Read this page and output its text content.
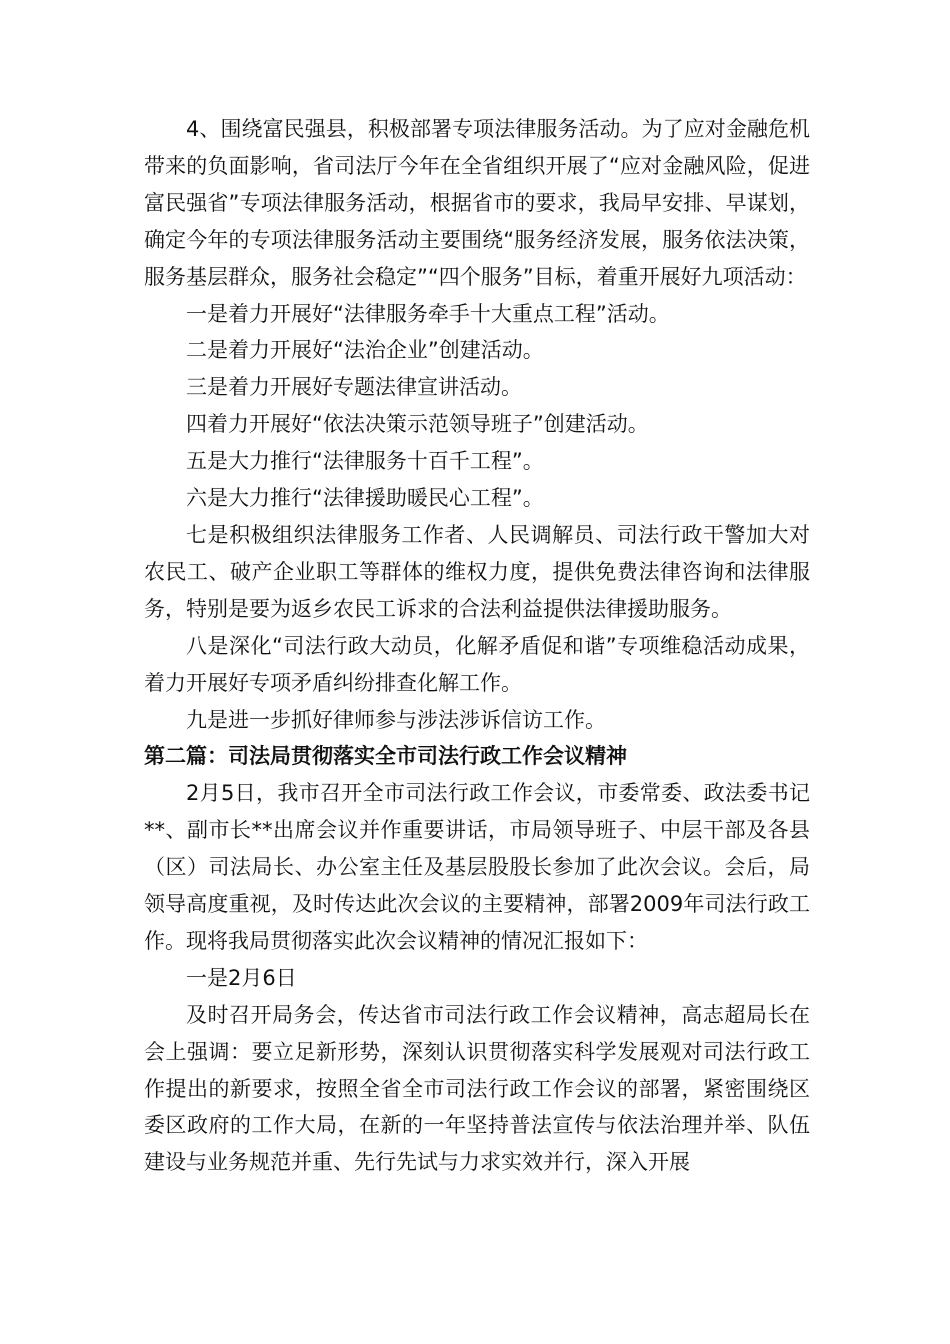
4、围绕富民强县，积极部署专项法律服务活动。为了应对金融危机带来的负面影响，省司法厅今年在全省组织开展了“应对金融风险，促进富民强省”专项法律服务活动，根据省市的要求，我局早安排、早谋划，确定今年的专项法律服务活动主要围绕“服务经济发展，服务依法决策，服务基层群众，服务社会稳定”“四个服务”目标，着重开展好九项活动：

一是着力开展好“法律服务牵手十大重点工程”活动。

二是着力开展好“法治企业”创建活动。

三是着力开展好专题法律宣讲活动。

四着力开展好“依法决策示范领导班子”创建活动。

五是大力推行“法律服务十百千工程”。

六是大力推行“法律援助暖民心工程”。

七是积极组织法律服务工作者、人民调解员、司法行政干警加大对农民工、破产企业职工等群体的维权力度，提供免费法律咨询和法律服务，特别是要为返乡农民工诉求的合法利益提供法律援助服务。

八是深化“司法行政大动员，化解矛盾促和谐”专项维稳活动成果，着力开展好专项矛盾纠纷排查化解工作。

九是进一步抓好律师参与涉法涉诉信访工作。

第二篇：司法局贯彻落实全市司法行政工作会议精神

2月5日，我市召开全市司法行政工作会议，市委常委、政法委书记**、副市长**出席会议并作重要讲话，市局领导班子、中层干部及各县（区）司法局长、办公室主任及基层股股长参加了此次会议。会后，局领导高度重视，及时传达此次会议的主要精神，部署2009年司法行政工作。现将我局贯彻落实此次会议精神的情况汇报如下：

一是2月6日

及时召开局务会，传达省市司法行政工作会议精神，高志超局长在会上强调：要立足新形势，深刻认识贯彻落实科学发展观对司法行政工作提出的新要求，按照全省全市司法行政工作会议的部署，紧密围绕区委区政府的工作大局，在新的一年坚持普法宣传与依法治理并举、队伍建设与业务规范并重、先行先试与力求实效并行，深入开展
